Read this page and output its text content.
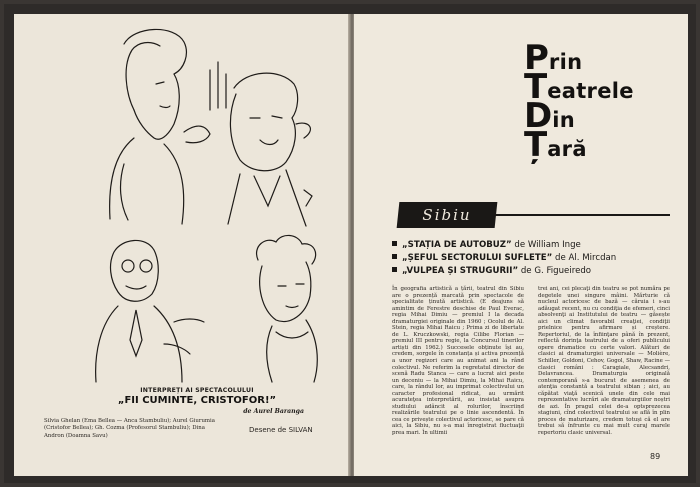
INTERPREȚI AI SPECTACOLULUI
„FII CUMINTE, CRISTOFOR!”
de Aurel Baranga

Silvia Ghelan (Ema Bellea — Anca Stambuliu); Aurel Giurumia (Cristofor Bellea); Gh. Cozma (Profesorul Stambuliu); Dina Andron (Doamna Savu)

Desene de SILVAN
Prin
Teatrele
Din
Țară
Sibiu
„STAȚIA DE AUTOBUZ” de William Inge
„ȘEFUL SECTORULUI SUFLETE” de Al. Mircdan
„VULPEA ȘI STRUGURII” de G. Figueiredo

În geografia artistică a țării, teatrul din Sibiu are o prezență marcată prin spectacole de specialitate ținută artistică. (E deajuns să amintim de Ferestre deschise de Paul Everac, regia Mihai Dimiu — premiul I la decada dramaturgiei originale din 1960 ; Ocolul de Al. Stein, regia Mihai Raicu ; Prima zi de libertate de L. Kruczkowski, regia Cilibe Florian — premiul III pentru regie, la Concursul tinerilor artiști din 1962.) Succesele obținute își au, credem, sorgele în constanța și activa prezență a unor regizori care au animat ani la rând colectivul. Ne referim la regretatul director de scenă Radu Stanca — care a lucrat aici peste un deceniu — la Mihai Dimiu, la Mihai Raicu, care, la rândul lor, au imprimat colectivului un caracter profesional ridicat, au urmărit acurateţea interpretării, au insistat asupra studiului adâncit al rolurilor, înscriind realizările teatrului pe o linie ascendentă. În cea ce privește colectivul actoricesc, se pare că aici, la Sibiu, nu s-a mai înregistrat fluctuaţii prea mari. În ultimii

trei ani, cei plecaţi din teatru se pot număra pe degetele unei singure mâini. Mărturie că nucleul actoricesc de bază — căruia i s-au adăugat recent, nu cu condiţia de efemeri, cinci absolvenţi ai Institutului de teatru — găsește aici un climat favorabil creaţiei, condiţii prielnice pentru afirmare și creștere. Repertoriul, de la înfiinţare până în prezent, reflectă dorinţa teatrului de a oferi publicului opere dramatice cu certe valori. Alături de clasici ai dramaturgiei universale — Molière, Schiller, Goldoni, Cehov, Gogol, Shaw, Racine — clasici români : Caragiale, Alecsandri, Delavrancea. Dramaturgia originală contemporană s-a bucurat de asemenea de atenţia constantă a teatrului sibian ; aici, au căpătat viaţă scenică unele din cele mai reprezentative lucrări ale dramaturgiilor noștri de azi. În pragul celei de-a optsprezecea stagiuni, cînd colectivul teatrului se află în plin proces de maturizare, credem totuși că el are trebui să înfrunte cu mai mult curaj marele repertoriu clasic universal.

89
